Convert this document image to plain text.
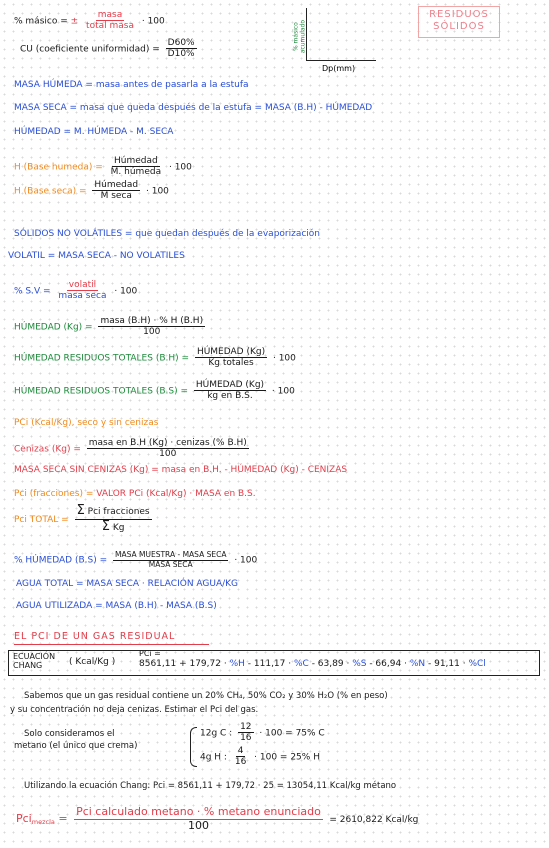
RESIDUOS
SÓLIDOS
% másico acumulado
Dp(mm)
% másico = ±
masa
total masa · 100
CU (coeficiente uniformidad) = $\frac{D60\%}{D10\%}$
MASA HÚMEDA = masa antes de pasarla a la estufa
MASA SECA = masa que queda después de la estufa = MASA (B.H) - HÚMEDAD
HÚMEDAD = M. HÚMEDA - M. SECA
H (Base humeda) =
Húmedad
M. húmeda · 100
H (Base seca) =
Húmedad
M seca · 100
SÓLIDOS NO VOLÁTILES = que quedan después de la evaporización
VOLATIL = MASA SECA - NO VOLATILES
% S.V =
volatil
masa seca · 100
HÚMEDAD (Kg) =
masa (B.H) · % H (B.H)
100
HÚMEDAD RESIDUOS TOTALES (B.H) =
HÚMEDAD (Kg)
Kg totales · 100
HÚMEDAD RESIDUOS TOTALES (B.S) =
HÚMEDAD (Kg)
kg en B.S. · 100
PCi (Kcal/Kg), seco y sin cenizas
Cenizas (Kg) =
masa en B.H (Kg) · cenizas (% B.H)
100
MASA SECA SIN CENIZAS (Kg) = masa en B.H. - HÚMEDAD (Kg) - CENIZAS
Pci (fracciones) = VALOR PCi (Kcal/Kg) · MASA en B.S.
Pci TOTAL =
Σ Pci fracciones
Σ Kg
% HÚMEDAD (B.S) =
MASA MUESTRA - MASA SECA
MASA SECA	· 100
AGUA TOTAL = MASA SECA · RELACIÓN AGUA/KG
AGUA UTILIZADA = MASA (B.H) - MASA (B.S)
EL PCI DE UN GAS RESIDUAL
ECUACIÓN
CHANG	( Kcal/Kg )
PCi =
8561,11 + 179,72 · %H - 111,17 · %C - 63,89 · %S - 66,94 · %N - 91,11 · %Cl
Sabemos que un gas residual contiene un 20% CH₄, 50% CO₂ y 30% H₂O (% en peso)
y su concentración no deja cenizas. Estimar el Pci del gas.
Solo consideramos el
metano (el único que crema)
12g C : $\frac{12}{16} \cdot 100 = 75\%$ C
4g H : $\frac{4}{16} \cdot 100 = 25\%$ H
Utilizando la ecuación Chang: Pci = 8561,11 + 179,72 · 25 = 13054,11 Kcal/kg métano
Pci$_{mezcla}$ =
Pci calculado metano · % metano enunciado
100	= 2610,822 Kcal/kg
